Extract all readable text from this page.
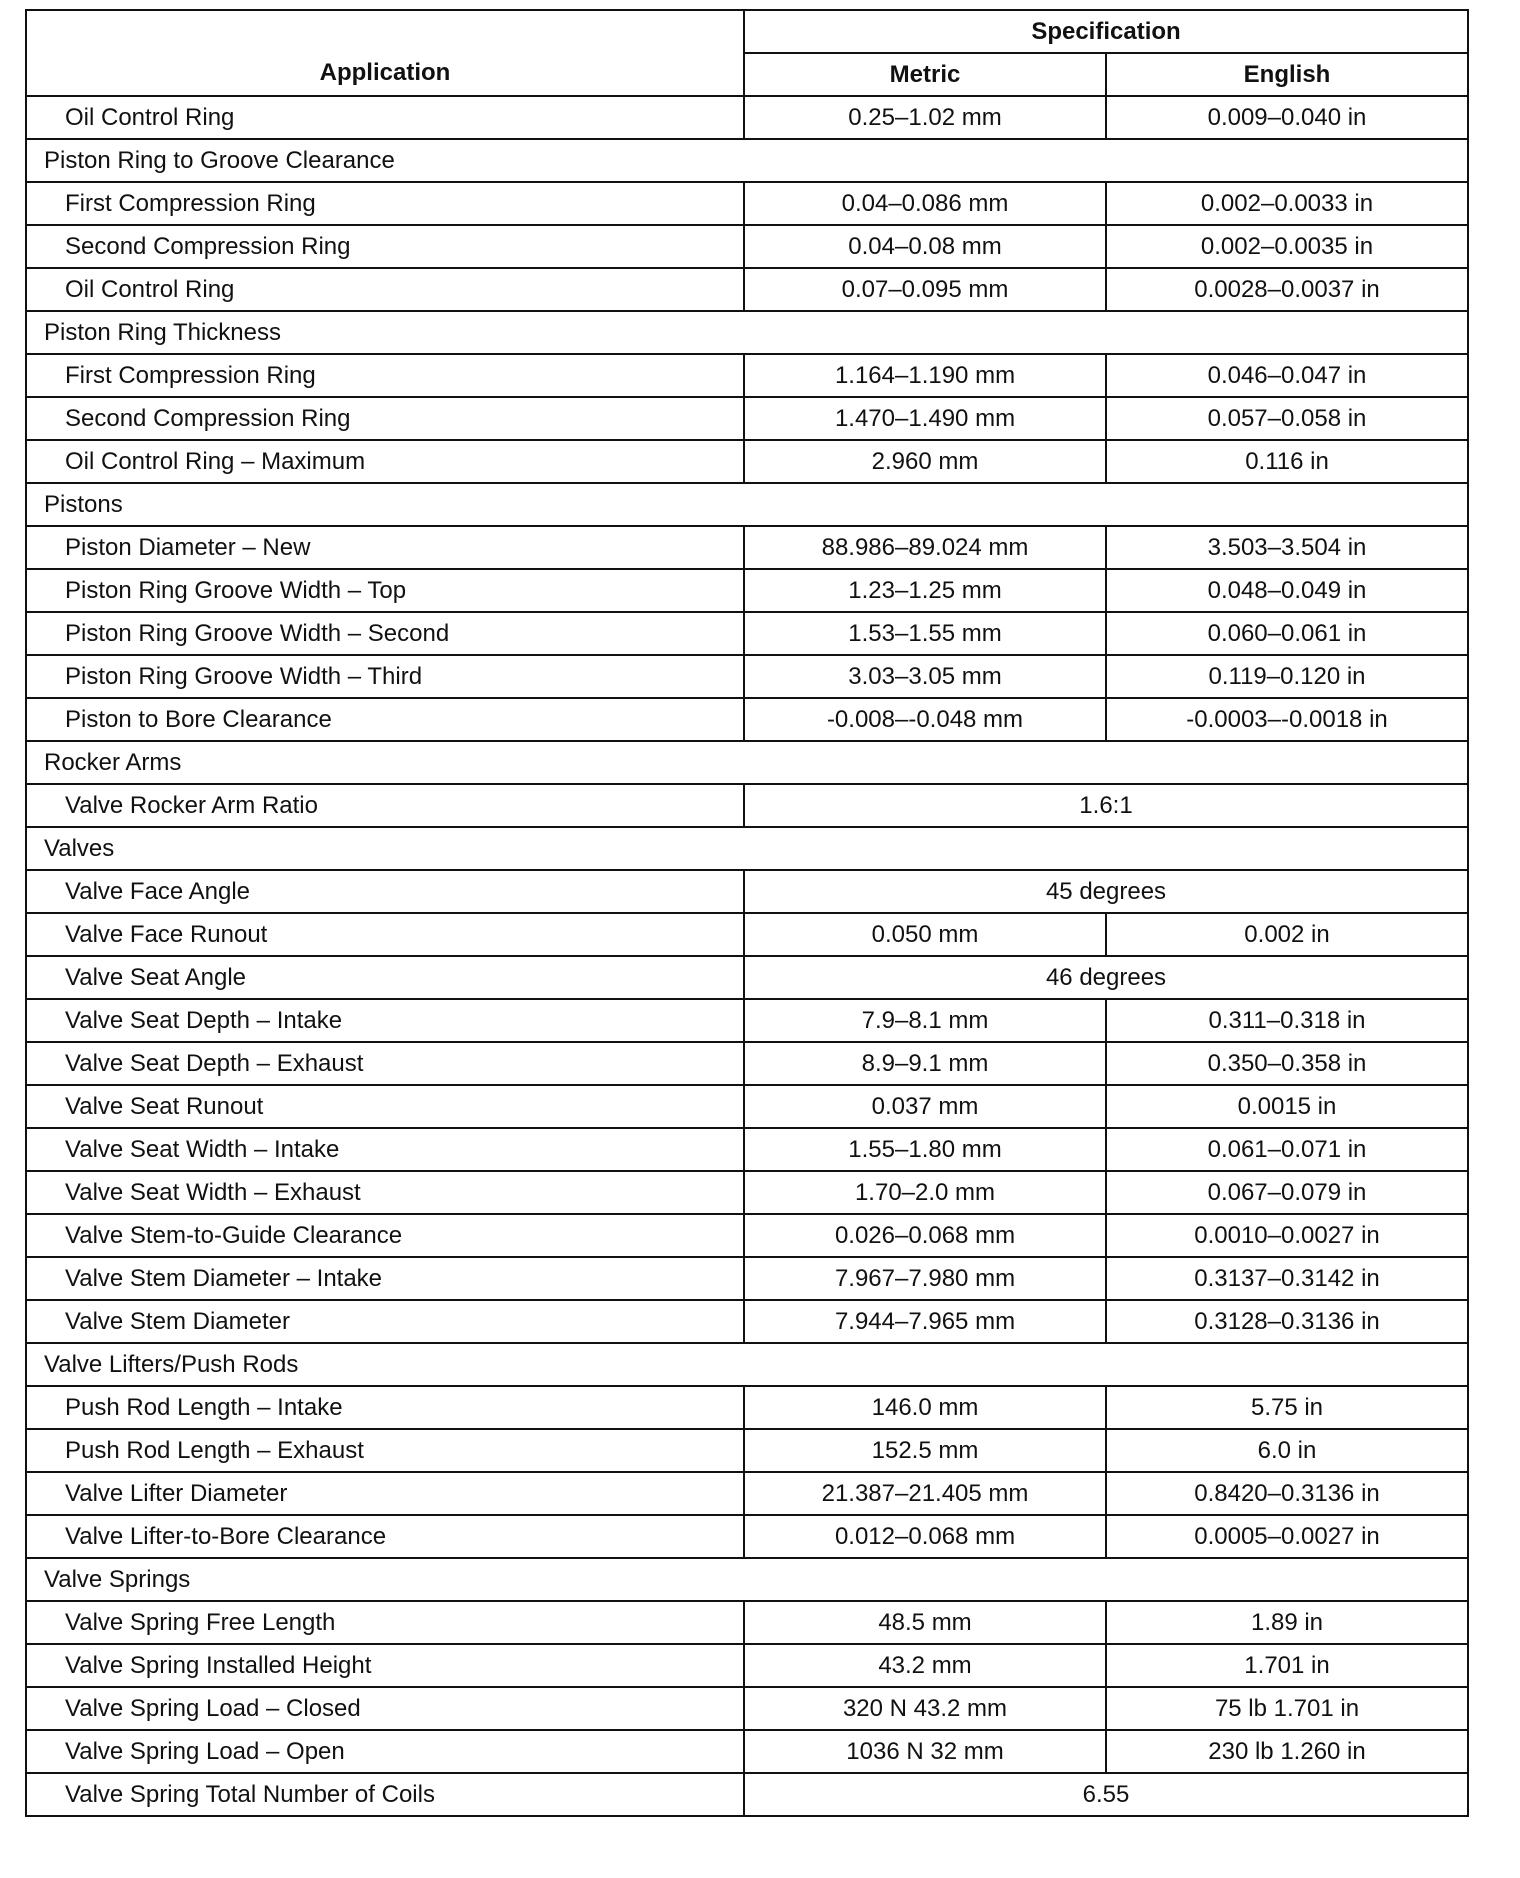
Application	Specification	
	Metric	English
Oil Control Ring	0.25–1.02 mm	0.009–0.040 in
Piston Ring to Groove Clearance		
First Compression Ring	0.04–0.086 mm	0.002–0.0033 in
Second Compression Ring	0.04–0.08 mm	0.002–0.0035 in
Oil Control Ring	0.07–0.095 mm	0.0028–0.0037 in
Piston Ring Thickness		
First Compression Ring	1.164–1.190 mm	0.046–0.047 in
Second Compression Ring	1.470–1.490 mm	0.057–0.058 in
Oil Control Ring – Maximum	2.960 mm	0.116 in
Pistons		
Piston Diameter – New	88.986–89.024 mm	3.503–3.504 in
Piston Ring Groove Width – Top	1.23–1.25 mm	0.048–0.049 in
Piston Ring Groove Width – Second	1.53–1.55 mm	0.060–0.061 in
Piston Ring Groove Width – Third	3.03–3.05 mm	0.119–0.120 in
Piston to Bore Clearance	-0.008–-0.048 mm	-0.0003–-0.0018 in
Rocker Arms		
Valve Rocker Arm Ratio	1.6:1	
Valves		
Valve Face Angle	45 degrees	
Valve Face Runout	0.050 mm	0.002 in
Valve Seat Angle	46 degrees	
Valve Seat Depth – Intake	7.9–8.1 mm	0.311–0.318 in
Valve Seat Depth – Exhaust	8.9–9.1 mm	0.350–0.358 in
Valve Seat Runout	0.037 mm	0.0015 in
Valve Seat Width – Intake	1.55–1.80 mm	0.061–0.071 in
Valve Seat Width – Exhaust	1.70–2.0 mm	0.067–0.079 in
Valve Stem-to-Guide Clearance	0.026–0.068 mm	0.0010–0.0027 in
Valve Stem Diameter – Intake	7.967–7.980 mm	0.3137–0.3142 in
Valve Stem Diameter	7.944–7.965 mm	0.3128–0.3136 in
Valve Lifters/Push Rods		
Push Rod Length – Intake	146.0 mm	5.75 in
Push Rod Length – Exhaust	152.5 mm	6.0 in
Valve Lifter Diameter	21.387–21.405 mm	0.8420–0.3136 in
Valve Lifter-to-Bore Clearance	0.012–0.068 mm	0.0005–0.0027 in
Valve Springs		
Valve Spring Free Length	48.5 mm	1.89 in
Valve Spring Installed Height	43.2 mm	1.701 in
Valve Spring Load – Closed	320 N 43.2 mm	75 lb 1.701 in
Valve Spring Load – Open	1036 N 32 mm	230 lb 1.260 in
Valve Spring Total Number of Coils	6.55	
